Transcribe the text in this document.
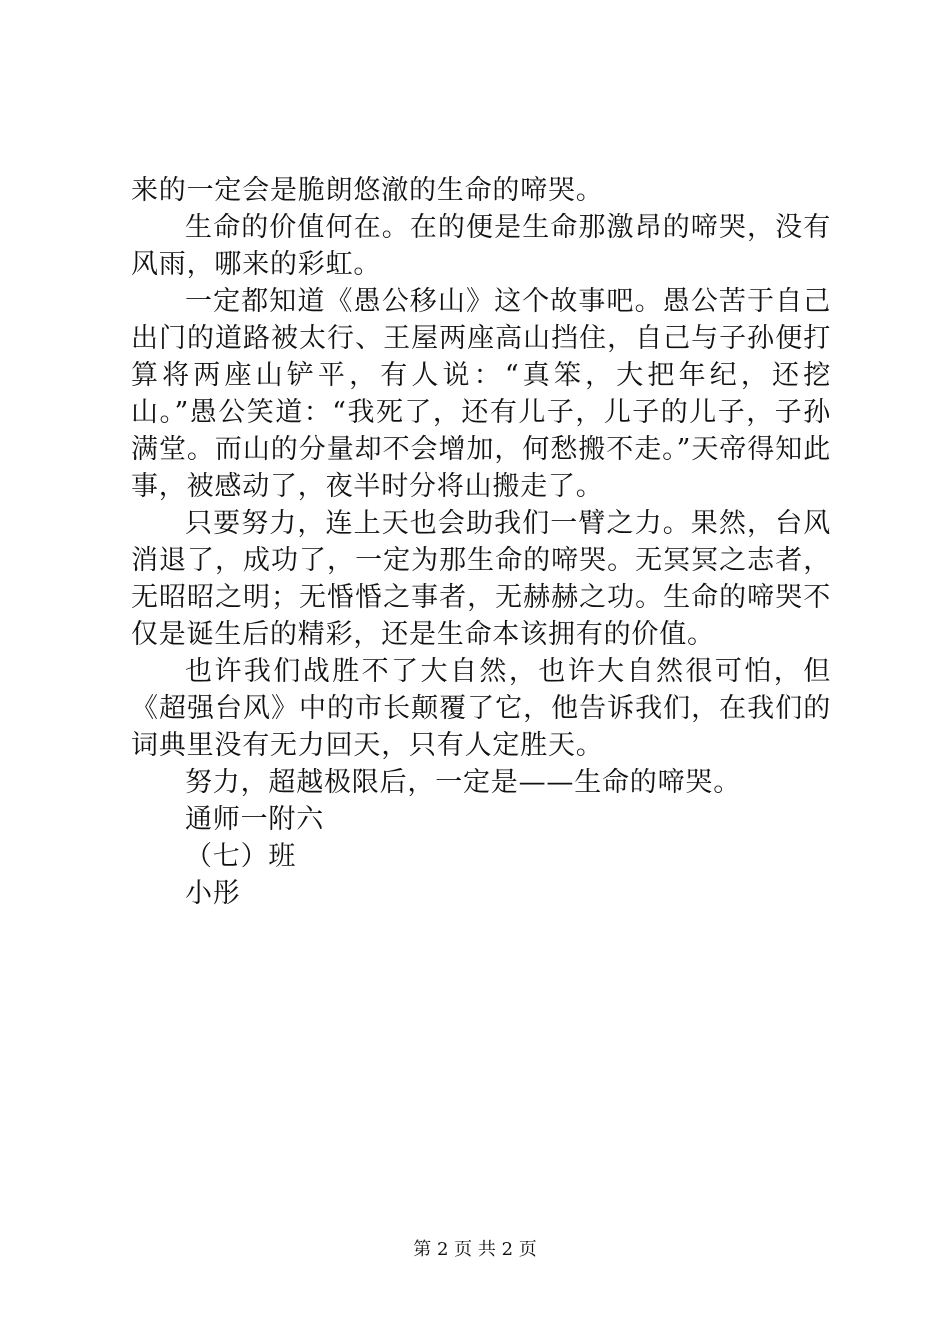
来的一定会是脆朗悠澈的生命的啼哭。

生命的价值何在。在的便是生命那激昂的啼哭，没有风雨，哪来的彩虹。

一定都知道《愚公移山》这个故事吧。愚公苦于自己出门的道路被太行、王屋两座高山挡住，自己与子孙便打算将两座山铲平，有人说：“真笨，大把年纪，还挖山。”愚公笑道：“我死了，还有儿子，儿子的儿子，子孙满堂。而山的分量却不会增加，何愁搬不走。”天帝得知此事，被感动了，夜半时分将山搬走了。

只要努力，连上天也会助我们一臂之力。果然，台风消退了，成功了，一定为那生命的啼哭。无冥冥之志者，无昭昭之明；无惛惛之事者，无赫赫之功。生命的啼哭不仅是诞生后的精彩，还是生命本该拥有的价值。

也许我们战胜不了大自然，也许大自然很可怕，但《超强台风》中的市长颠覆了它，他告诉我们，在我们的词典里没有无力回天，只有人定胜天。

努力，超越极限后，一定是——生命的啼哭。

通师一附六

（七）班

小彤

第 2 页 共 2 页
